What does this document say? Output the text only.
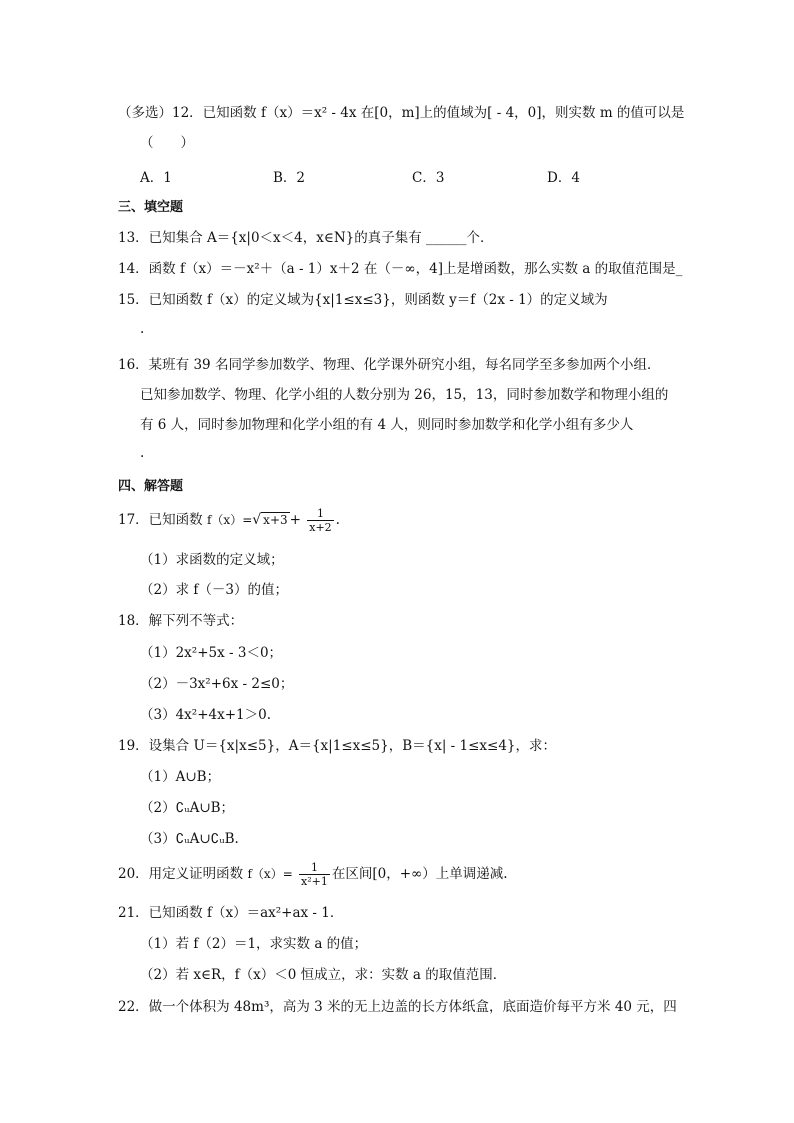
（多选）12．已知函数 f（x）＝x² ‐ 4x 在[0，m]上的值域为[ ‐ 4，0]，则实数 m 的值可以是
（　　）
A．1	B．2	C．3	D．4
三、填空题
13．已知集合 A＝{x|0＜x＜4，x∈N}的真子集有 ______个．
14．函数 f（x）＝－x²＋（a ‐ 1）x＋2 在（－∞，4]上是增函数，那么实数 a 的取值范围是_
15．已知函数 f（x）的定义域为{x|1≤x≤3}，则函数 y＝f（2x ‐ 1）的定义域为
.
16．某班有 39 名同学参加数学、物理、化学课外研究小组，每名同学至多参加两个小组．
已知参加数学、物理、化学小组的人数分别为 26，15，13，同时参加数学和物理小组的
有 6 人，同时参加物理和化学小组的有 4 人，则同时参加数学和化学小组有多少人
.
四、解答题
17．已知函数 f（x）=√ $x+3 + \frac{1}{x+2}$ .
（1）求函数的定义域；
（2）求 f（－3）的值；
18．解下列不等式：
（1）2x²+5x ‐ 3＜0；
（2）－3x²+6x ‐ 2≤0；
（3）4x²+4x+1＞0.
19．设集合 U＝{x|x≤5}，A＝{x|1≤x≤5}，B＝{x| ‐ 1≤x≤4}，求：
（1）A∪B；
（2）∁ᵤA∪B；
（3）∁ᵤA∪∁ᵤB.
20．用定义证明函数 $f(x)= \frac{1}{\text{x²+1}}$ 在区间[0，+∞）上单调递减.
21．已知函数 f（x）＝ax²+ax ‐ 1．
（1）若 f（2）＝1，求实数 a 的值；
（2）若 x∈R，f（x）＜0 恒成立，求：实数 a 的取值范围．
22．做一个体积为 48m³，高为 3 米的无上边盖的长方体纸盒，底面造价每平方米 40 元，四
